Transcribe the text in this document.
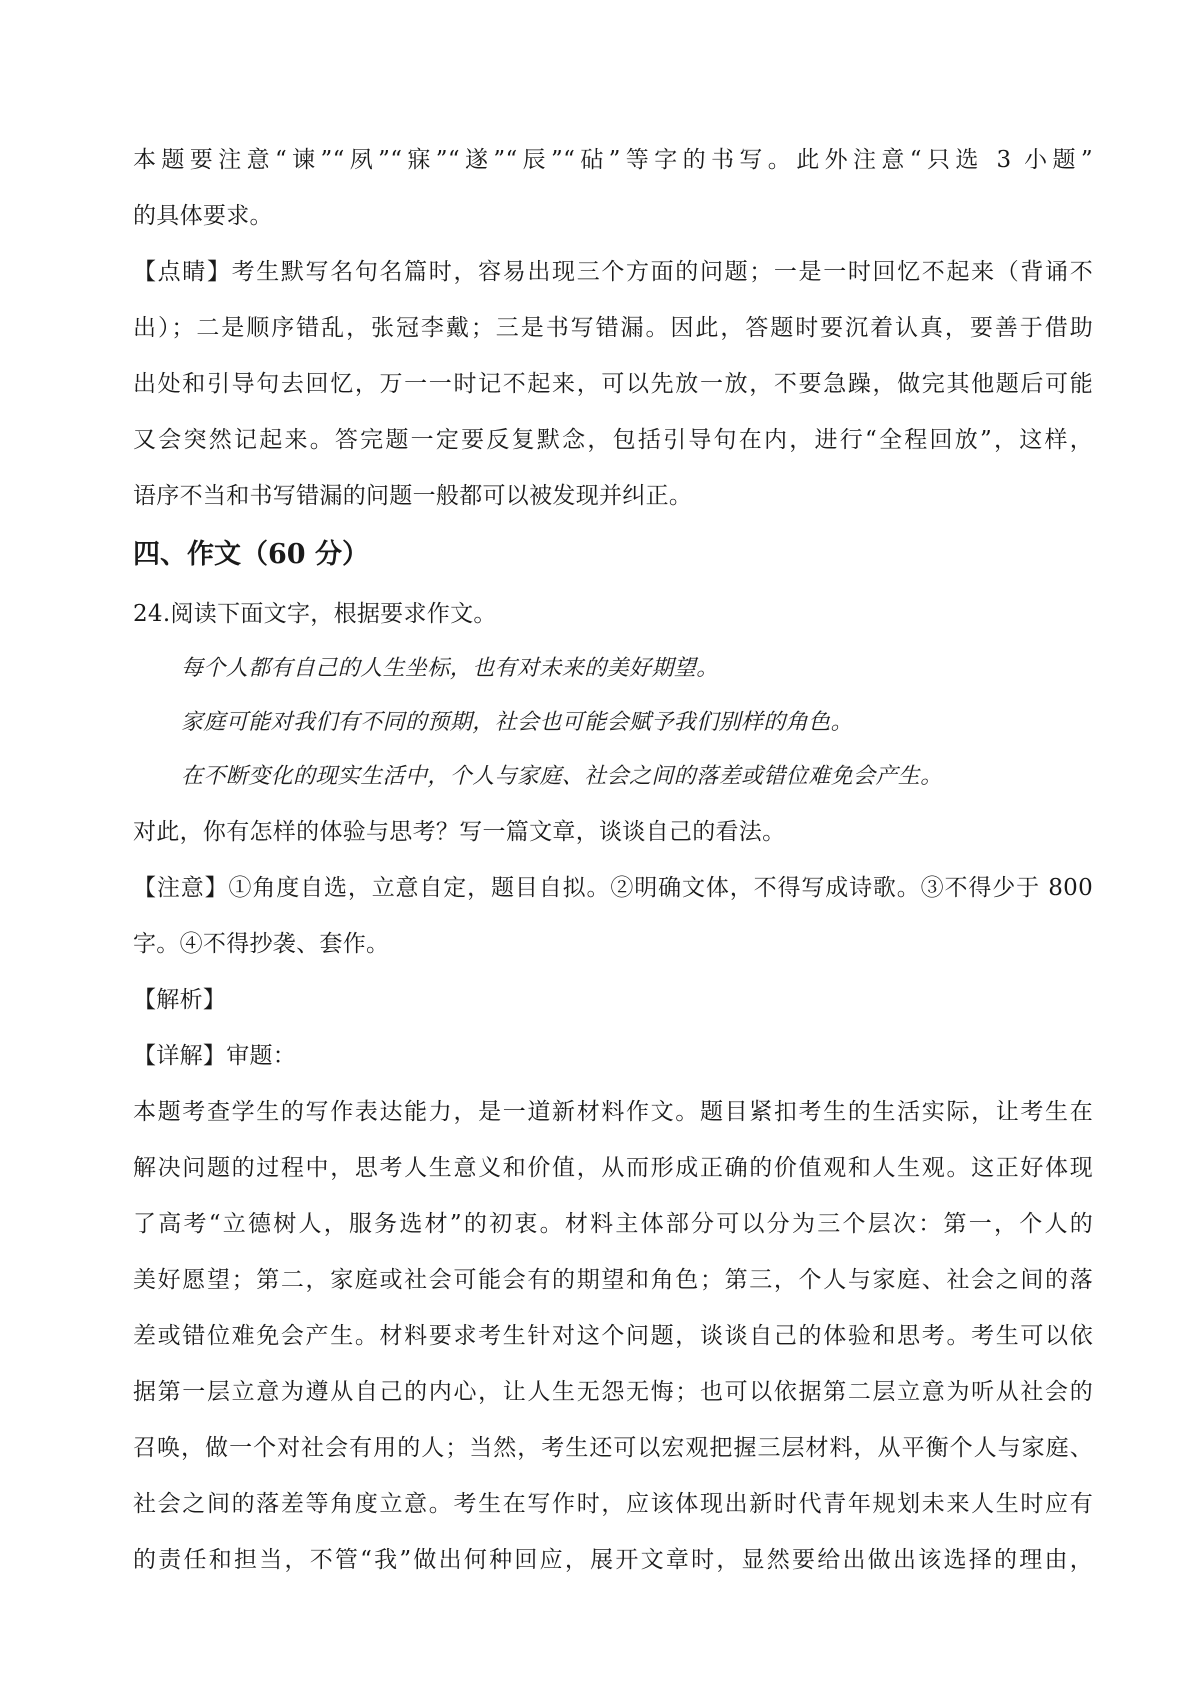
本题要注意“谏”“夙”“寐”“遂”“辰”“砧”等字的书写。此外注意“只选 3 小题”
的具体要求。
【点睛】考生默写名句名篇时，容易出现三个方面的问题；一是一时回忆不起来（背诵不
出）；二是顺序错乱，张冠李戴；三是书写错漏。因此，答题时要沉着认真，要善于借助
出处和引导句去回忆，万一一时记不起来，可以先放一放，不要急躁，做完其他题后可能
又会突然记起来。答完题一定要反复默念，包括引导句在内，进行“全程回放”，这样，
语序不当和书写错漏的问题一般都可以被发现并纠正。
四、作文（60 分）
24.阅读下面文字，根据要求作文。
每个人都有自己的人生坐标，也有对未来的美好期望。
家庭可能对我们有不同的预期，社会也可能会赋予我们别样的角色。
在不断变化的现实生活中，个人与家庭、社会之间的落差或错位难免会产生。
对此，你有怎样的体验与思考？写一篇文章，谈谈自己的看法。
【注意】①角度自选，立意自定，题目自拟。②明确文体，不得写成诗歌。③不得少于 800
字。④不得抄袭、套作。
【解析】
【详解】审题：
本题考查学生的写作表达能力，是一道新材料作文。题目紧扣考生的生活实际，让考生在
解决问题的过程中，思考人生意义和价值，从而形成正确的价值观和人生观。这正好体现
了高考“立德树人，服务选材”的初衷。材料主体部分可以分为三个层次：第一，个人的
美好愿望；第二，家庭或社会可能会有的期望和角色；第三，个人与家庭、社会之间的落
差或错位难免会产生。材料要求考生针对这个问题，谈谈自己的体验和思考。考生可以依
据第一层立意为遵从自己的内心，让人生无怨无悔；也可以依据第二层立意为听从社会的
召唤，做一个对社会有用的人；当然，考生还可以宏观把握三层材料，从平衡个人与家庭、
社会之间的落差等角度立意。考生在写作时，应该体现出新时代青年规划未来人生时应有
的责任和担当，不管“我”做出何种回应，展开文章时，显然要给出做出该选择的理由，
